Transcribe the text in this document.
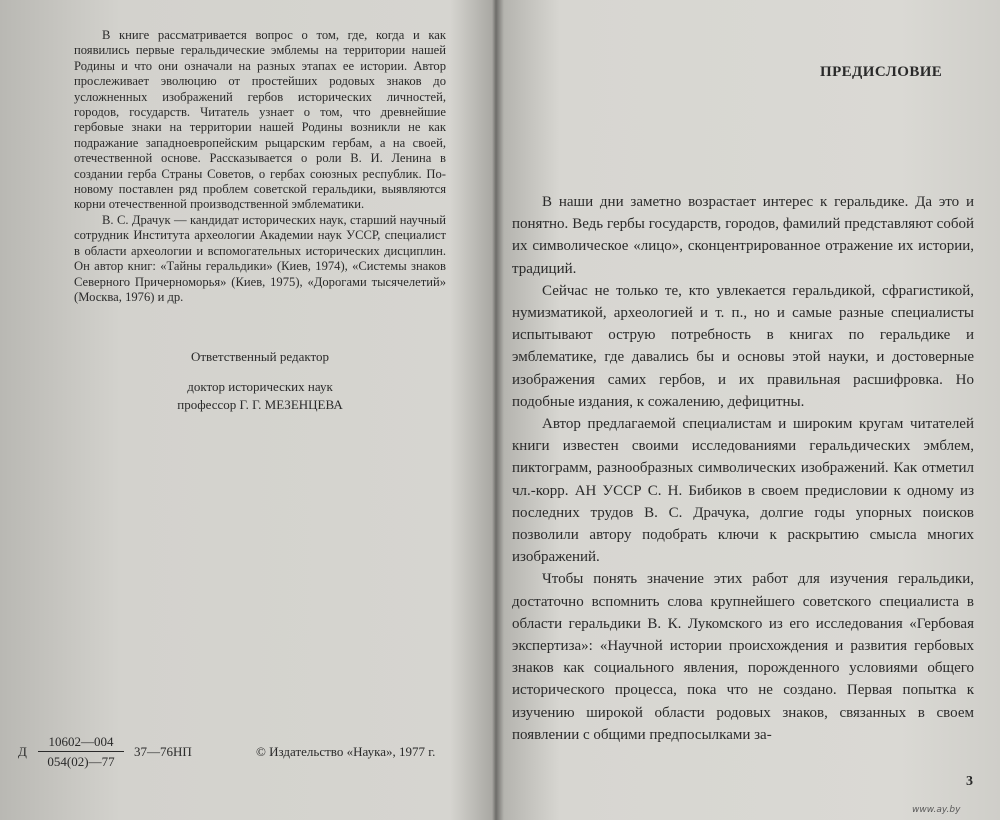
В книге рассматривается вопрос о том, где, когда и как появились первые геральдические эмблемы на территории нашей Родины и что они означали на разных этапах ее истории. Автор прослеживает эволюцию от простейших родовых знаков до усложненных изображений гербов исторических личностей, городов, государств. Читатель узнает о том, что древнейшие гербовые знаки на территории нашей Родины возникли не как подражание западноевропейским рыцарским гербам, а на своей, отечественной основе. Рассказывается о роли В. И. Ленина в создании герба Страны Советов, о гербах союзных республик. По-новому поставлен ряд проблем советской геральдики, выявляются корни отечественной производственной эмблематики.

В. С. Драчук — кандидат исторических наук, старший научный сотрудник Института археологии Академии наук УССР, специалист в области археологии и вспомогательных исторических дисциплин. Он автор книг: «Тайны геральдики» (Киев, 1974), «Системы знаков Северного Причерноморья» (Киев, 1975), «Дорогами тысячелетий» (Москва, 1976) и др.

Ответственный редактор
доктор исторических наук
профессор Г. Г. МЕЗЕНЦЕВА
Д $\frac{10602—004}{054(02)—77}$ 37—76НП	© Издательство «Наука», 1977 г.
ПРЕДИСЛОВИЕ

В наши дни заметно возрастает интерес к геральдике. Да это и понятно. Ведь гербы государств, городов, фамилий представляют собой их символическое «лицо», сконцентрированное отражение их истории, традиций.

Сейчас не только те, кто увлекается геральдикой, сфрагистикой, нумизматикой, археологией и т. п., но и самые разные специалисты испытывают острую потребность в книгах по геральдике и эмблематике, где давались бы и основы этой науки, и достоверные изображения самих гербов, и их правильная расшифровка. Но подобные издания, к сожалению, дефицитны.

Автор предлагаемой специалистам и широким кругам читателей книги известен своими исследованиями геральдических эмблем, пиктограмм, разнообразных символических изображений. Как отметил чл.-корр. АН УССР С. Н. Бибиков в своем предисловии к одному из последних трудов В. С. Драчука, долгие годы упорных поисков позволили автору подобрать ключи к раскрытию смысла многих изображений.

Чтобы понять значение этих работ для изучения геральдики, достаточно вспомнить слова крупнейшего советского специалиста в области геральдики В. К. Лукомского из его исследования «Гербовая экспертиза»: «Научной истории происхождения и развития гербовых знаков как социального явления, порожденного условиями общего исторического процесса, пока что не создано. Первая попытка к изучению широкой области родовых знаков, связанных в своем появлении с общими предпосылками за-

3
www.ay.by
